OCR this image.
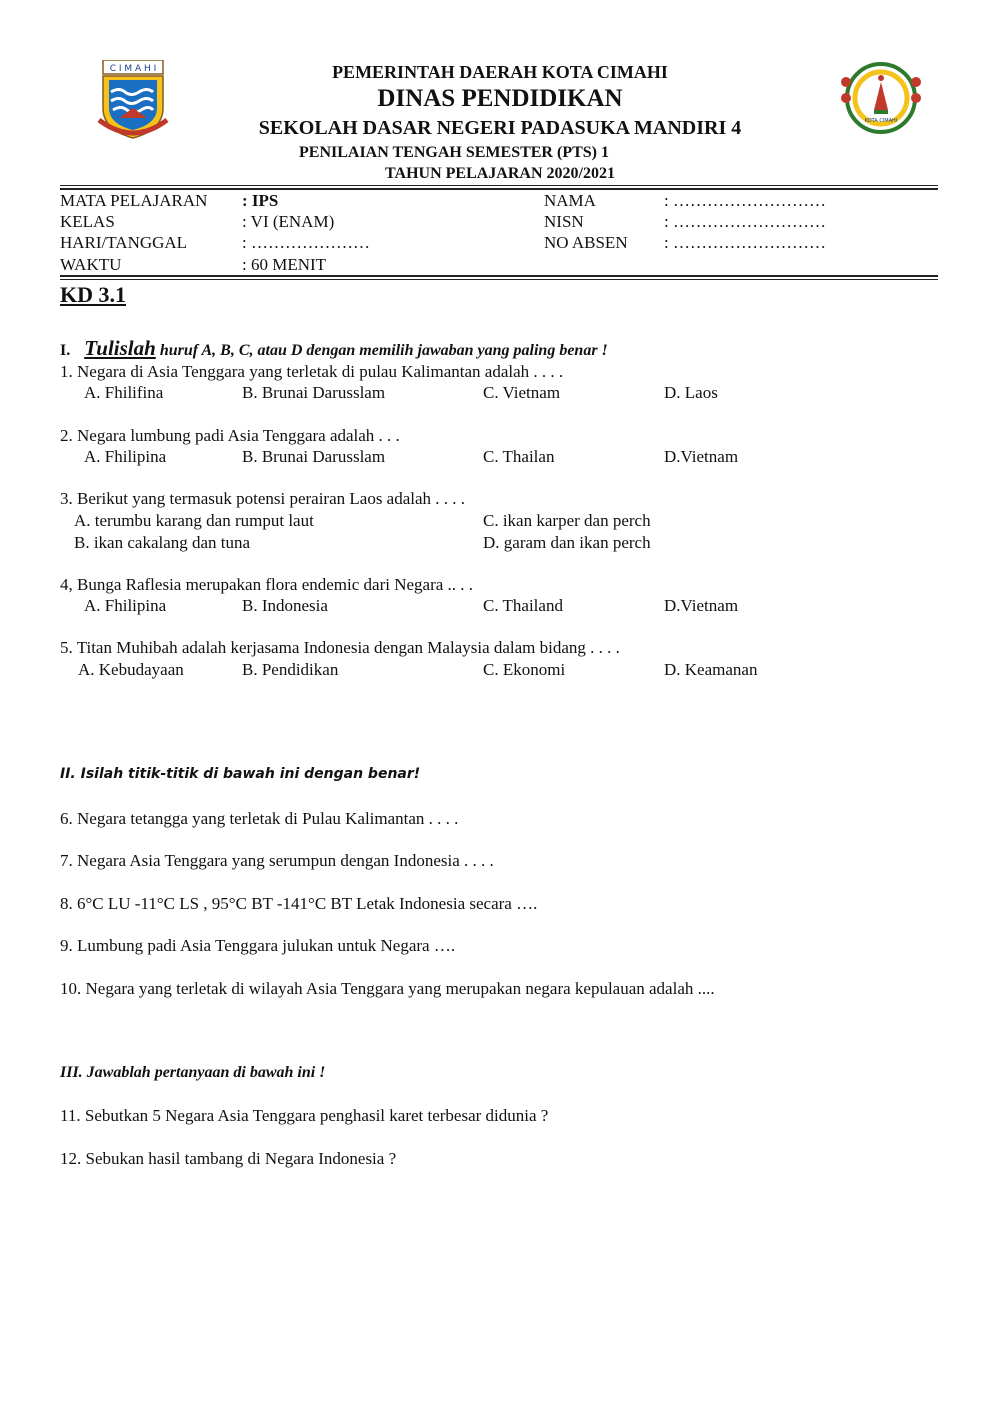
C I M A H I
KOTA CIMAHI
PEMERINTAH DAERAH KOTA CIMAHI
DINAS PENDIDIKAN
SEKOLAH DASAR NEGERI PADASUKA MANDIRI 4
PENILAIAN TENGAH SEMESTER (PTS) 1
TAHUN PELAJARAN 2020/2021
MATA PELAJARAN : IPS
KELAS	: VI (ENAM)
HARI/TANGGAL	: …………………
WAKTU	: 60 MENIT
NAMA	: ………………………
NISN	: ………………………
NO ABSEN : ………………………
KD 3.1
I. Tulislah huruf A, B, C, atau D dengan memilih jawaban yang paling benar !
1. Negara di Asia Tenggara yang terletak di pulau Kalimantan adalah . . . .
A. Fhilifina	B. Brunai Darusslam	C. Vietnam	D. Laos
2. Negara lumbung padi Asia Tenggara adalah . . .
A. Fhilipina	B. Brunai Darusslam	C. Thailan	D.Vietnam
3. Berikut yang termasuk potensi perairan Laos adalah . . . .
A. terumbu karang dan rumput laut	C. ikan karper dan perch
B. ikan cakalang dan tuna	D. garam dan ikan perch
4, Bunga Raflesia merupakan flora endemic dari Negara .. . .
A. Fhilipina	B. Indonesia	C. Thailand	D.Vietnam
5. Titan Muhibah adalah kerjasama Indonesia dengan Malaysia dalam bidang . . . .
A. Kebudayaan	B. Pendidikan	C. Ekonomi	D. Keamanan
II. Isilah titik-titik di bawah ini dengan benar!
6. Negara tetangga yang terletak di Pulau Kalimantan . . . .
7. Negara Asia Tenggara yang serumpun dengan Indonesia . . . .
8. 6°C LU -11°C LS , 95°C BT -141°C BT Letak Indonesia secara ….
9. Lumbung padi Asia Tenggara julukan untuk Negara ….
10. Negara yang terletak di wilayah Asia Tenggara yang merupakan negara kepulauan adalah ....
III. Jawablah pertanyaan di bawah ini !
11. Sebutkan 5 Negara Asia Tenggara penghasil karet terbesar didunia ?
12. Sebukan hasil tambang di Negara Indonesia ?
